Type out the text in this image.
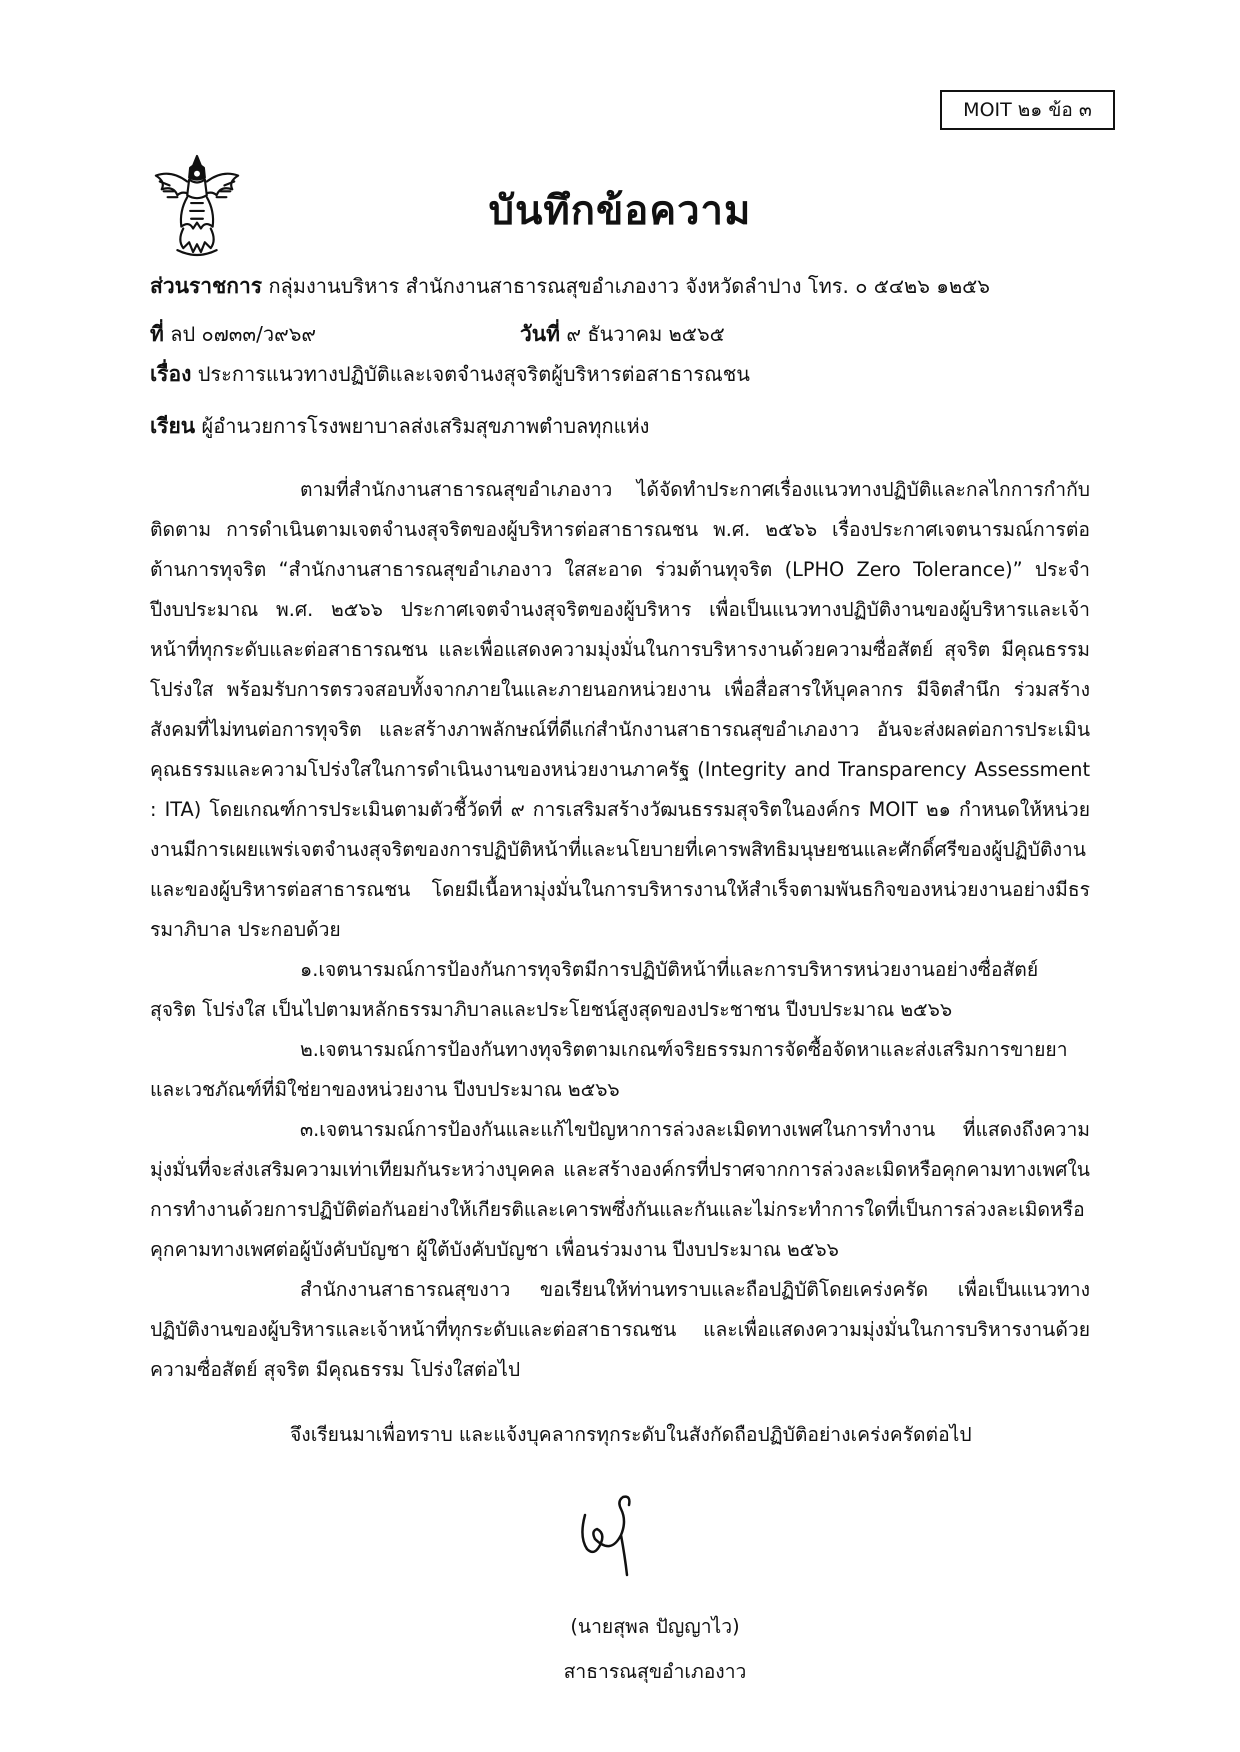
MOIT ๒๑ ข้อ ๓
บันทึกข้อความ
ส่วนราชการ กลุ่มงานบริหาร สำนักงานสาธารณสุขอำเภองาว จังหวัดลำปาง โทร. ๐ ๕๔๒๖ ๑๒๕๖
ที่ ลป ๐๗๓๓/ว๙๖๙	วันที่ ๙ ธันวาคม ๒๕๖๕
เรื่อง ประการแนวทางปฏิบัติและเจตจำนงสุจริตผู้บริหารต่อสาธารณชน
เรียน ผู้อำนวยการโรงพยาบาลส่งเสริมสุขภาพตำบลทุกแห่ง

ตามที่สำนักงานสาธารณสุขอำเภองาว ได้จัดทำประกาศเรื่องแนวทางปฏิบัติและกลไกการกำกับติดตาม การดำเนินตามเจตจำนงสุจริตของผู้บริหารต่อสาธารณชน พ.ศ. ๒๕๖๖ เรื่องประกาศเจตนารมณ์การต่อต้านการทุจริต “สำนักงานสาธารณสุขอำเภองาว ใสสะอาด ร่วมต้านทุจริต (LPHO Zero Tolerance)” ประจำปีงบประมาณ พ.ศ. ๒๕๖๖ ประกาศเจตจำนงสุจริตของผู้บริหาร เพื่อเป็นแนวทางปฏิบัติงานของผู้บริหารและเจ้าหน้าที่ทุกระดับและต่อสาธารณชน และเพื่อแสดงความมุ่งมั่นในการบริหารงานด้วยความซื่อสัตย์ สุจริต มีคุณธรรม โปร่งใส พร้อมรับการตรวจสอบทั้งจากภายในและภายนอกหน่วยงาน เพื่อสื่อสารให้บุคลากร มีจิตสำนึก ร่วมสร้างสังคมที่ไม่ทนต่อการทุจริต และสร้างภาพลักษณ์ที่ดีแก่สำนักงานสาธารณสุขอำเภองาว อันจะส่งผลต่อการประเมินคุณธรรมและความโปร่งใสในการดำเนินงานของหน่วยงานภาครัฐ (Integrity and Transparency Assessment : ITA) โดยเกณฑ์การประเมินตามตัวชี้วัดที่ ๙ การเสริมสร้างวัฒนธรรมสุจริตในองค์กร MOIT ๒๑ กำหนดให้หน่วยงานมีการเผยแพร่เจตจำนงสุจริตของการปฏิบัติหน้าที่และนโยบายที่เคารพสิทธิมนุษยชนและศักดิ์ศรีของผู้ปฏิบัติงานและของผู้บริหารต่อสาธารณชน โดยมีเนื้อหามุ่งมั่นในการบริหารงานให้สำเร็จตามพันธกิจของหน่วยงานอย่างมีธรรมาภิบาล ประกอบด้วย

๑.เจตนารมณ์การป้องกันการทุจริตมีการปฏิบัติหน้าที่และการบริหารหน่วยงานอย่างซื่อสัตย์ สุจริต โปร่งใส เป็นไปตามหลักธรรมาภิบาลและประโยชน์สูงสุดของประชาชน ปีงบประมาณ ๒๕๖๖

๒.เจตนารมณ์การป้องกันทางทุจริตตามเกณฑ์จริยธรรมการจัดซื้อจัดหาและส่งเสริมการขายยาและเวชภัณฑ์ที่มิใช่ยาของหน่วยงาน ปีงบประมาณ ๒๕๖๖

๓.เจตนารมณ์การป้องกันและแก้ไขปัญหาการล่วงละเมิดทางเพศในการทำงาน ที่แสดงถึงความมุ่งมั่นที่จะส่งเสริมความเท่าเทียมกันระหว่างบุคคล และสร้างองค์กรที่ปราศจากการล่วงละเมิดหรือคุกคามทางเพศในการทำงานด้วยการปฏิบัติต่อกันอย่างให้เกียรติและเคารพซึ่งกันและกันและไม่กระทำการใดที่เป็นการล่วงละเมิดหรือคุกคามทางเพศต่อผู้บังคับบัญชา ผู้ใต้บังคับบัญชา เพื่อนร่วมงาน ปีงบประมาณ ๒๕๖๖

สำนักงานสาธารณสุขงาว ขอเรียนให้ท่านทราบและถือปฏิบัติโดยเคร่งครัด เพื่อเป็นแนวทางปฏิบัติงานของผู้บริหารและเจ้าหน้าที่ทุกระดับและต่อสาธารณชน และเพื่อแสดงความมุ่งมั่นในการบริหารงานด้วยความซื่อสัตย์ สุจริต มีคุณธรรม โปร่งใสต่อไป

จึงเรียนมาเพื่อทราบ และแจ้งบุคลากรทุกระดับในสังกัดถือปฏิบัติอย่างเคร่งครัดต่อไป
(นายสุพล ปัญญาไว)
สาธารณสุขอำเภองาว
